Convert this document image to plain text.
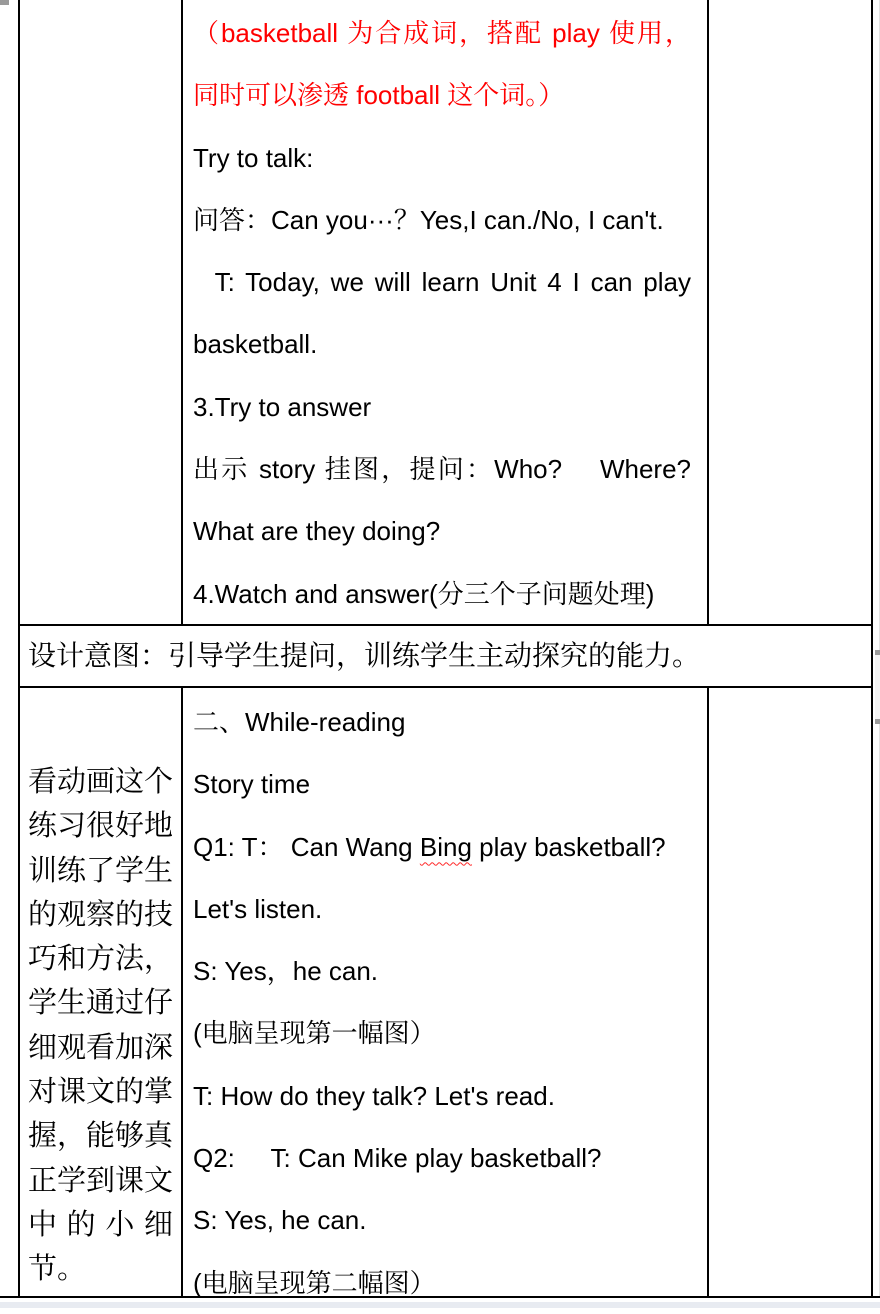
（basketball 为合成词，搭配 play 使用，
同时可以渗透 football 这个词。）
Try to talk:
问答：Can you···？Yes,I can./No, I can't.
T: Today, we will learn Unit 4 I can play
basketball.
3.Try to answer
出示 story 挂图，提问：Who?    Where?
What are they doing?
4.Watch and answer(分三个子问题处理)
设计意图：引导学生提问，训练学生主动探究的能力。
看动画这个
练习很好地
训练了学生
的观察的技
巧和方法，
学生通过仔
细观看加深
对课文的掌
握，能够真
正学到课文
中的小细
节。
二、While-reading
Story time
Q1: T： Can Wang Bing play basketball?
Let's listen.
S: Yes，he can.
(电脑呈现第一幅图）
T: How do they talk? Let's read.
Q2:     T: Can Mike play basketball?
S: Yes, he can.
(电脑呈现第二幅图）
